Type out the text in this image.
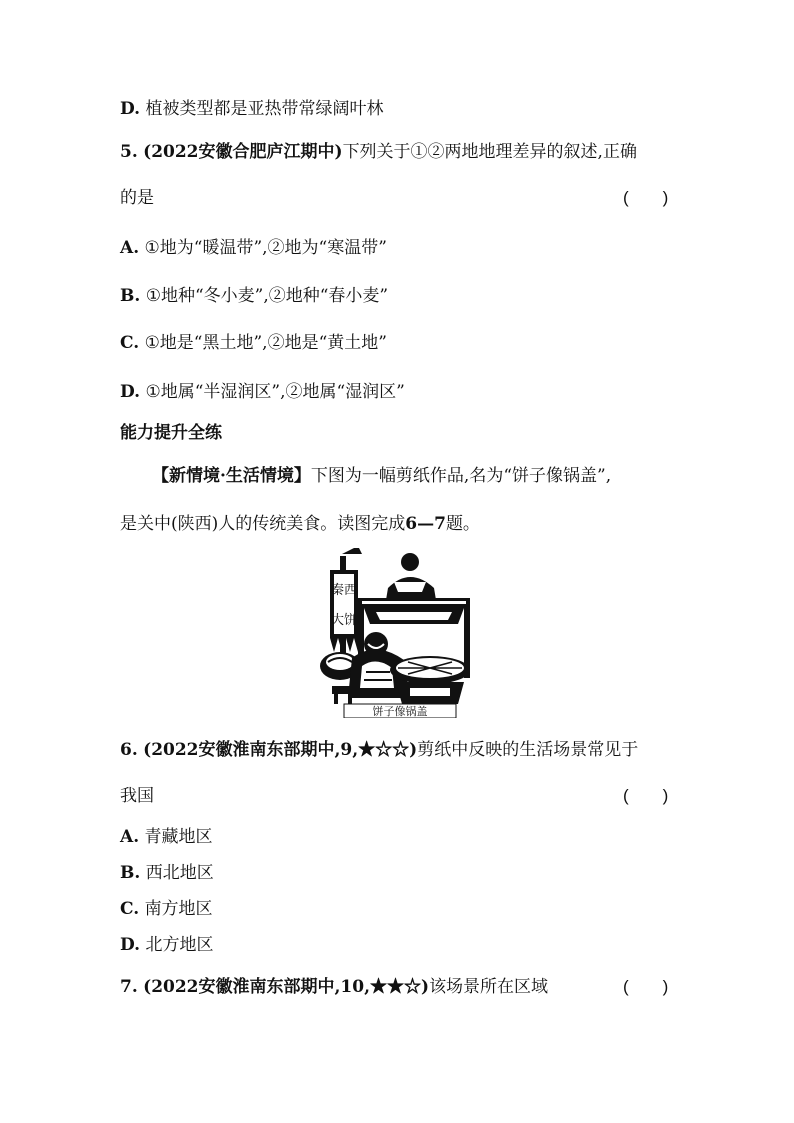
D. 植被类型都是亚热带常绿阔叶林
5. (2022安徽合肥庐江期中)下列关于①②两地地理差异的叙述,正确
的是	(　　)
A. ①地为“暖温带”,②地为“寒温带”
B. ①地种“冬小麦”,②地种“春小麦”
C. ①地是“黑土地”,②地是“黄土地”
D. ①地属“半湿润区”,②地属“湿润区”
能力提升全练
【新情境·生活情境】下图为一幅剪纸作品,名为“饼子像锅盖”,
是关中(陕西)人的传统美食。读图完成6—7题。
秦西
大饼
饼子像锅盖
6. (2022安徽淮南东部期中,9,★☆☆)剪纸中反映的生活场景常见于
我国	(　　)
A. 青藏地区
B. 西北地区
C. 南方地区
D. 北方地区
7. (2022安徽淮南东部期中,10,★★☆)该场景所在区域	(　　)
